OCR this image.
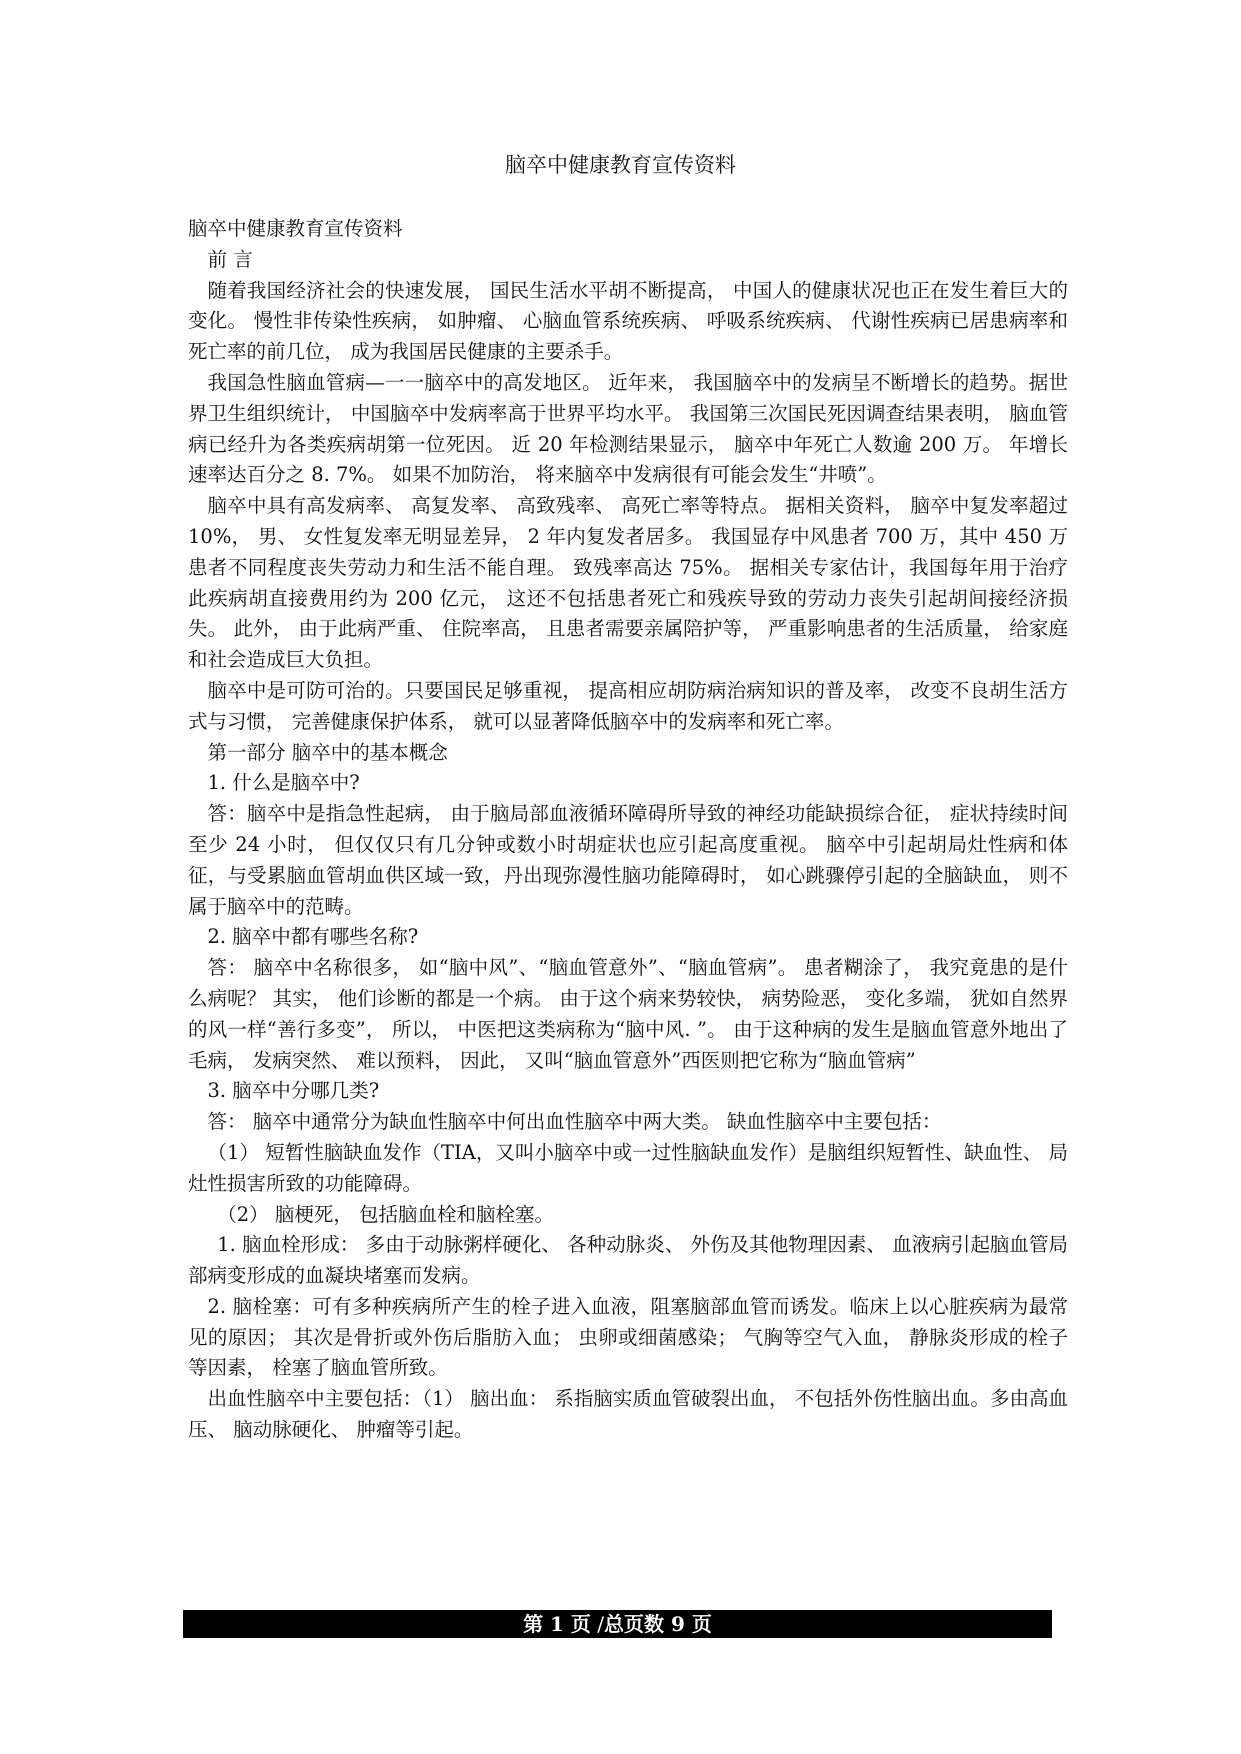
脑卒中健康教育宣传资料

脑卒中健康教育宣传资料

前 言

随着我国经济社会的快速发展， 国民生活水平胡不断提高， 中国人的健康状况也正在发生着巨大的变化。 慢性非传染性疾病， 如肿瘤、 心脑血管系统疾病、 呼吸系统疾病、 代谢性疾病已居患病率和死亡率的前几位， 成为我国居民健康的主要杀手。

我国急性脑血管病—一一脑卒中的高发地区。 近年来， 我国脑卒中的发病呈不断增长的趋势。据世界卫生组织统计， 中国脑卒中发病率高于世界平均水平。 我国第三次国民死因调查结果表明， 脑血管病已经升为各类疾病胡第一位死因。 近 20 年检测结果显示， 脑卒中年死亡人数逾 200 万。 年增长速率达百分之 8. 7%。 如果不加防治， 将来脑卒中发病很有可能会发生“井喷”。

脑卒中具有高发病率、 高复发率、 高致残率、 高死亡率等特点。 据相关资料， 脑卒中复发率超过 10%， 男、 女性复发率无明显差异， 2 年内复发者居多。 我国显存中风患者 700 万，其中 450 万患者不同程度丧失劳动力和生活不能自理。 致残率高达 75%。 据相关专家估计，我国每年用于治疗此疾病胡直接费用约为 200 亿元， 这还不包括患者死亡和残疾导致的劳动力丧失引起胡间接经济损失。 此外， 由于此病严重、 住院率高， 且患者需要亲属陪护等， 严重影响患者的生活质量， 给家庭和社会造成巨大负担。

脑卒中是可防可治的。只要国民足够重视， 提高相应胡防病治病知识的普及率， 改变不良胡生活方式与习惯， 完善健康保护体系， 就可以显著降低脑卒中的发病率和死亡率。

第一部分 脑卒中的基本概念

1. 什么是脑卒中?

答：脑卒中是指急性起病， 由于脑局部血液循环障碍所导致的神经功能缺损综合征， 症状持续时间至少 24 小时， 但仅仅只有几分钟或数小时胡症状也应引起高度重视。 脑卒中引起胡局灶性病和体征，与受累脑血管胡血供区域一致，丹出现弥漫性脑功能障碍时， 如心跳骤停引起的全脑缺血， 则不属于脑卒中的范畴。

2. 脑卒中都有哪些名称?

答： 脑卒中名称很多， 如“脑中风”、“脑血管意外”、“脑血管病”。 患者糊涂了， 我究竟患的是什么病呢？ 其实， 他们诊断的都是一个病。 由于这个病来势较快， 病势险恶， 变化多端， 犹如自然界的风一样“善行多变”， 所以， 中医把这类病称为“脑中风. ”。 由于这种病的发生是脑血管意外地出了毛病， 发病突然、 难以预料， 因此， 又叫“脑血管意外”西医则把它称为“脑血管病”

3. 脑卒中分哪几类?

答： 脑卒中通常分为缺血性脑卒中何出血性脑卒中两大类。 缺血性脑卒中主要包括：

（1） 短暂性脑缺血发作（TIA，又叫小脑卒中或一过性脑缺血发作）是脑组织短暂性、缺血性、 局灶性损害所致的功能障碍。

（2） 脑梗死， 包括脑血栓和脑栓塞。

1. 脑血栓形成： 多由于动脉粥样硬化、 各种动脉炎、 外伤及其他物理因素、 血液病引起脑血管局部病变形成的血凝块堵塞而发病。

2. 脑栓塞：可有多种疾病所产生的栓子进入血液，阻塞脑部血管而诱发。临床上以心脏疾病为最常见的原因； 其次是骨折或外伤后脂肪入血； 虫卵或细菌感染； 气胸等空气入血， 静脉炎形成的栓子等因素， 栓塞了脑血管所致。

出血性脑卒中主要包括：（1） 脑出血： 系指脑实质血管破裂出血， 不包括外伤性脑出血。多由高血压、 脑动脉硬化、 肿瘤等引起。

第 1 页 /总页数 9 页
